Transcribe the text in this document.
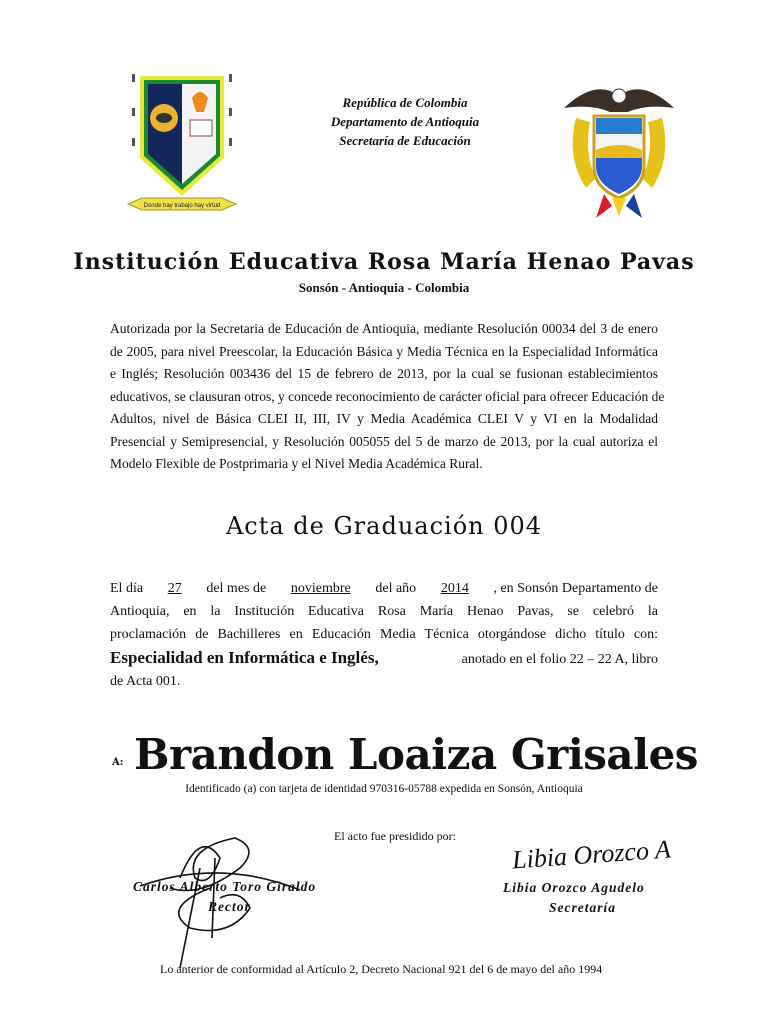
Donde hay trabajo hay virtud
República de Colombia
Departamento de Antioquia
Secretaría de Educación
Institución Educativa Rosa María Henao Pavas
Sonsón - Antioquia - Colombia
Autorizada por la Secretaria de Educación de Antioquia, mediante Resolución 00034 del 3 de enero
de 2005, para nivel Preescolar, la Educación Básica y Media Técnica en la Especialidad Informática
e Inglés; Resolución 003436 del 15 de febrero de 2013, por la cual se fusionan establecimientos
educativos, se clausuran otros, y concede reconocimiento de carácter oficial para ofrecer Educación de
Adultos, nivel de Básica CLEI II, III, IV y Media Académica CLEI V y VI en la Modalidad
Presencial y Semipresencial, y Resolución 005055 del 5 de marzo de 2013, por la cual autoriza el
Modelo Flexible de Postprimaria y el Nivel Media Académica Rural.
Acta de Graduación 004
El día 27 del mes de noviembre del año 2014 , en Sonsón Departamento de
Antioquia, en la Institución Educativa Rosa María Henao Pavas, se celebró la
proclamación de Bachilleres en Educación Media Técnica otorgándose dicho título con:
Especialidad en Informática e Inglés,	anotado en el folio 22 – 22 A, libro
de Acta 001.
A: Brandon Loaiza Grisales
Identificado (a) con tarjeta de identidad 970316-05788 expedida en Sonsón, Antioquia
El acto fue presidido por:
Carlos Alberto Toro Giraldo
Rector
Libia Orozco A
Libia Orozco Agudelo
Secretaría
Lo anterior de conformidad al Artículo 2, Decreto Nacional 921 del 6 de mayo del año 1994
